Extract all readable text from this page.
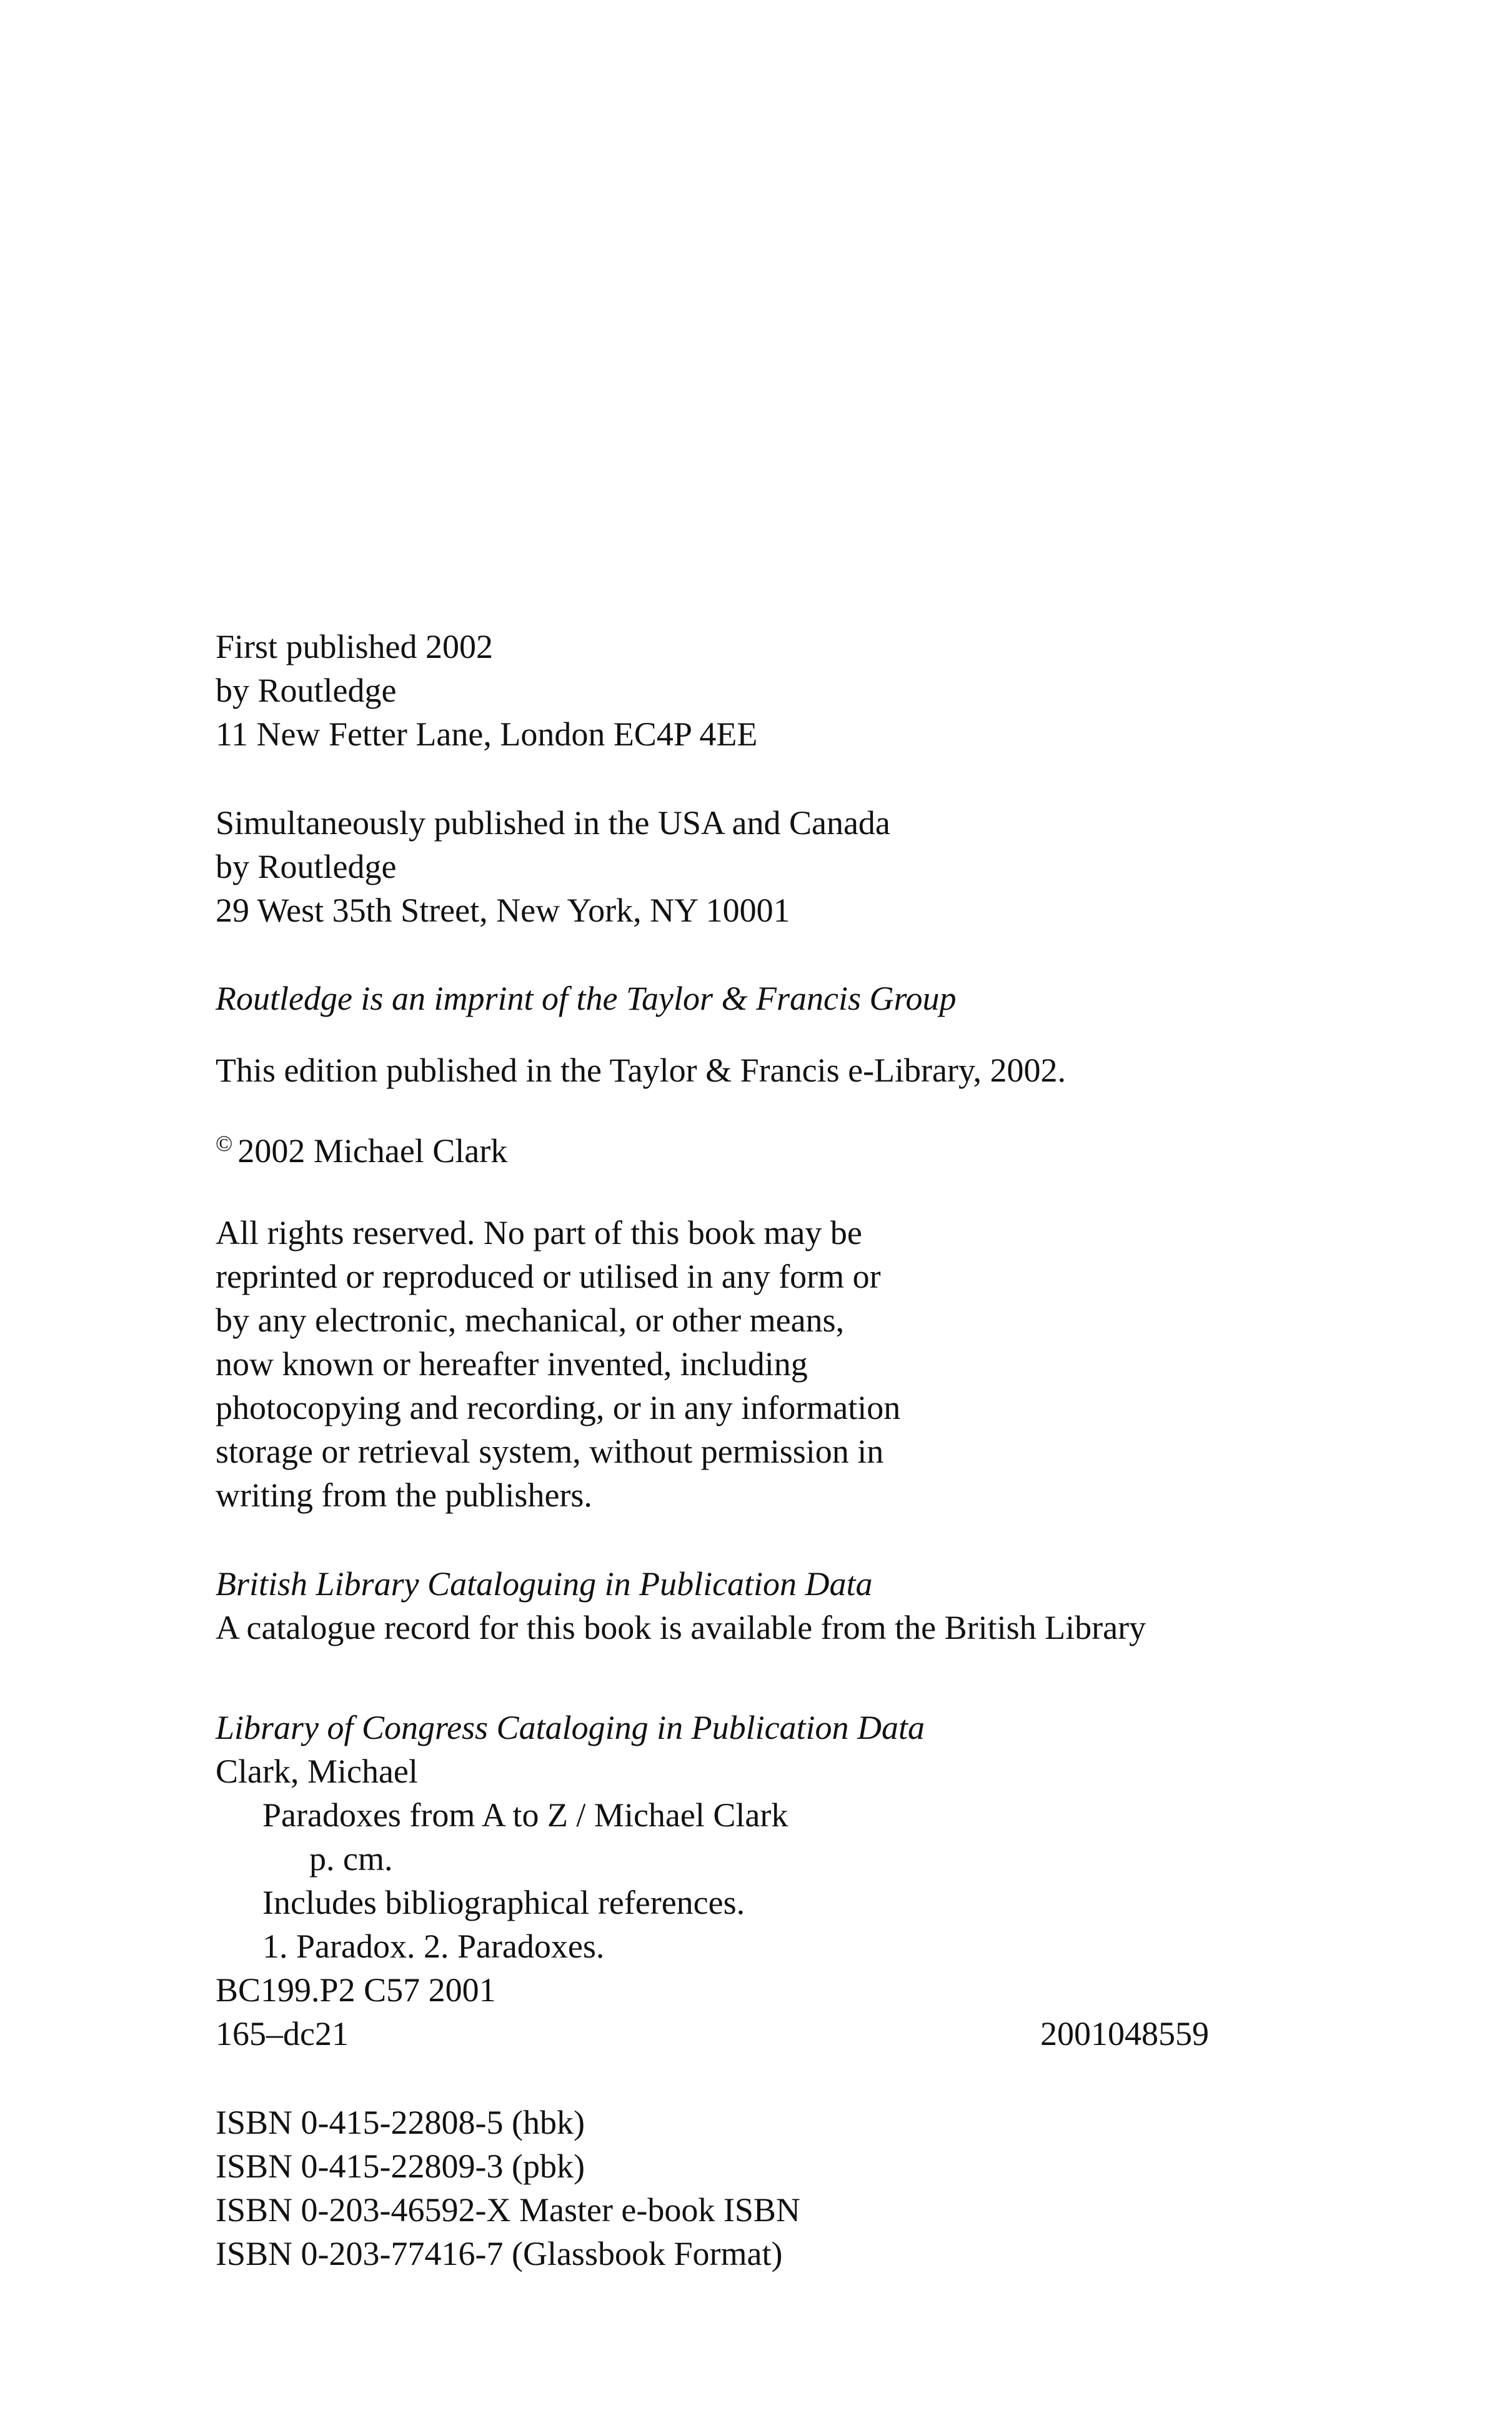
First published 2002
by Routledge
11 New Fetter Lane, London EC4P 4EE
Simultaneously published in the USA and Canada
by Routledge
29 West 35th Street, New York, NY 10001
Routledge is an imprint of the Taylor & Francis Group
This edition published in the Taylor & Francis e-Library, 2002.
© 2002 Michael Clark
All rights reserved. No part of this book may be
reprinted or reproduced or utilised in any form or
by any electronic, mechanical, or other means,
now known or hereafter invented, including
photocopying and recording, or in any information
storage or retrieval system, without permission in
writing from the publishers.
British Library Cataloguing in Publication Data
A catalogue record for this book is available from the British Library
Library of Congress Cataloging in Publication Data
Clark, Michael
Paradoxes from A to Z / Michael Clark
p. cm.
Includes bibliographical references.
1. Paradox. 2. Paradoxes.
BC199.P2 C57 2001
165–dc21	2001048559
ISBN 0-415-22808-5 (hbk)
ISBN 0-415-22809-3 (pbk)
ISBN 0-203-46592-X Master e-book ISBN
ISBN 0-203-77416-7 (Glassbook Format)
